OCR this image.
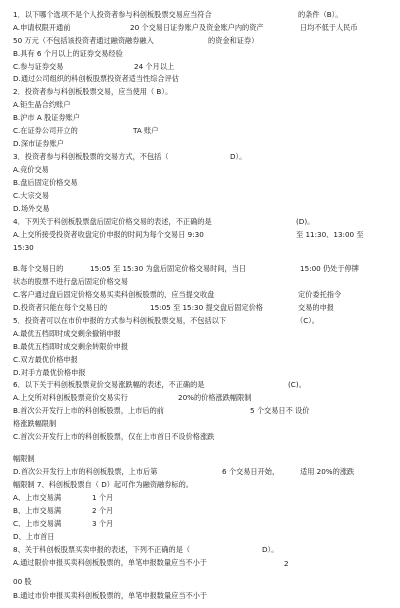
1．以下哪个选项不是个人投资者参与科创板股票交易应当符合	的条件（B）。
A.申请权限开通前	20 个交易日证券账户及资金账户内的资产	日均不低于人民币
50 万元（不包括该投资者通过融资融券融入	的资金和证券）
B.具有 6 个月以上的证券交易经验
C.参与证券交易	24 个月以上
D.通过公司组织的科创板股票投资者适当性综合评估
2．投资者参与科创板股票交易，应当使用（ B）。
A.钜生晶合约账户
B.沪市 A 股证券账户
C.在证券公司开立的	TA 账户
D.深市证券账户
3．投资者参与科创板股票的交易方式，不包括（	D）。
A.竞价交易
B.盘后固定价格交易
C.大宗交易
D.场外交易
4．下列关于科创板股票盘后固定价格交易的表述，不正确的是	(D)。
A.上交所接受投资者收盘定价申报的时间为每个交易日 9:30	至 11:30、13:00 至
15:30
B.每个交易日的	15:05 至 15:30 为盘后固定价格交易时间，当日	15:00 仍处于停牌
状态的股票不进行盘后固定价格交易
C.客户通过盘后固定价格交易买卖科创板股票的，应当提交收盘	定价委托指令
D.投资者只能在每个交易日的	15:05 至 15:30 提交盘后固定价格	交易的申报
5．投资者可以在市价申报的方式参与科创板股票交易，不包括以下	（C）。
A.最优五档即时成交剩余撤销申报
B.最优五档即时成交剩余转限价申报
C.双方最优价格申报
D.对手方最优价格申报
6．以下关于科创板股票竞价交易涨跌幅的表述，不正确的是	(C)。
A.上交所对科创板股票竞价交易实行	20%的价格涨跌幅限制
B.首次公开发行上市的科创板股票，上市后的前	5 个交易日不 设价
格涨跌幅限制
C.首次公开发行上市的科创板股票，仅在上市首日不设价格涨跌
幅限制
D.首次公开发行上市的科创板股票，上市后第	6 个交易日开始，	适用 20%的涨跌
幅限制 7、科创板股票自（ D）起可作为融资融券标的。
A、上市交易满	1 个月
B、上市交易满	2 个月
C、上市交易满	3 个月
D、上市首日
8、关于科创板股票买卖申报的表述，下列不正确的是（	D）。
A.通过限价申报买卖科创板股票的，单笔申报数量应当不小于	2
00 股
B.通过市价申报买卖科创板股票的，单笔申报数量应当不小于
